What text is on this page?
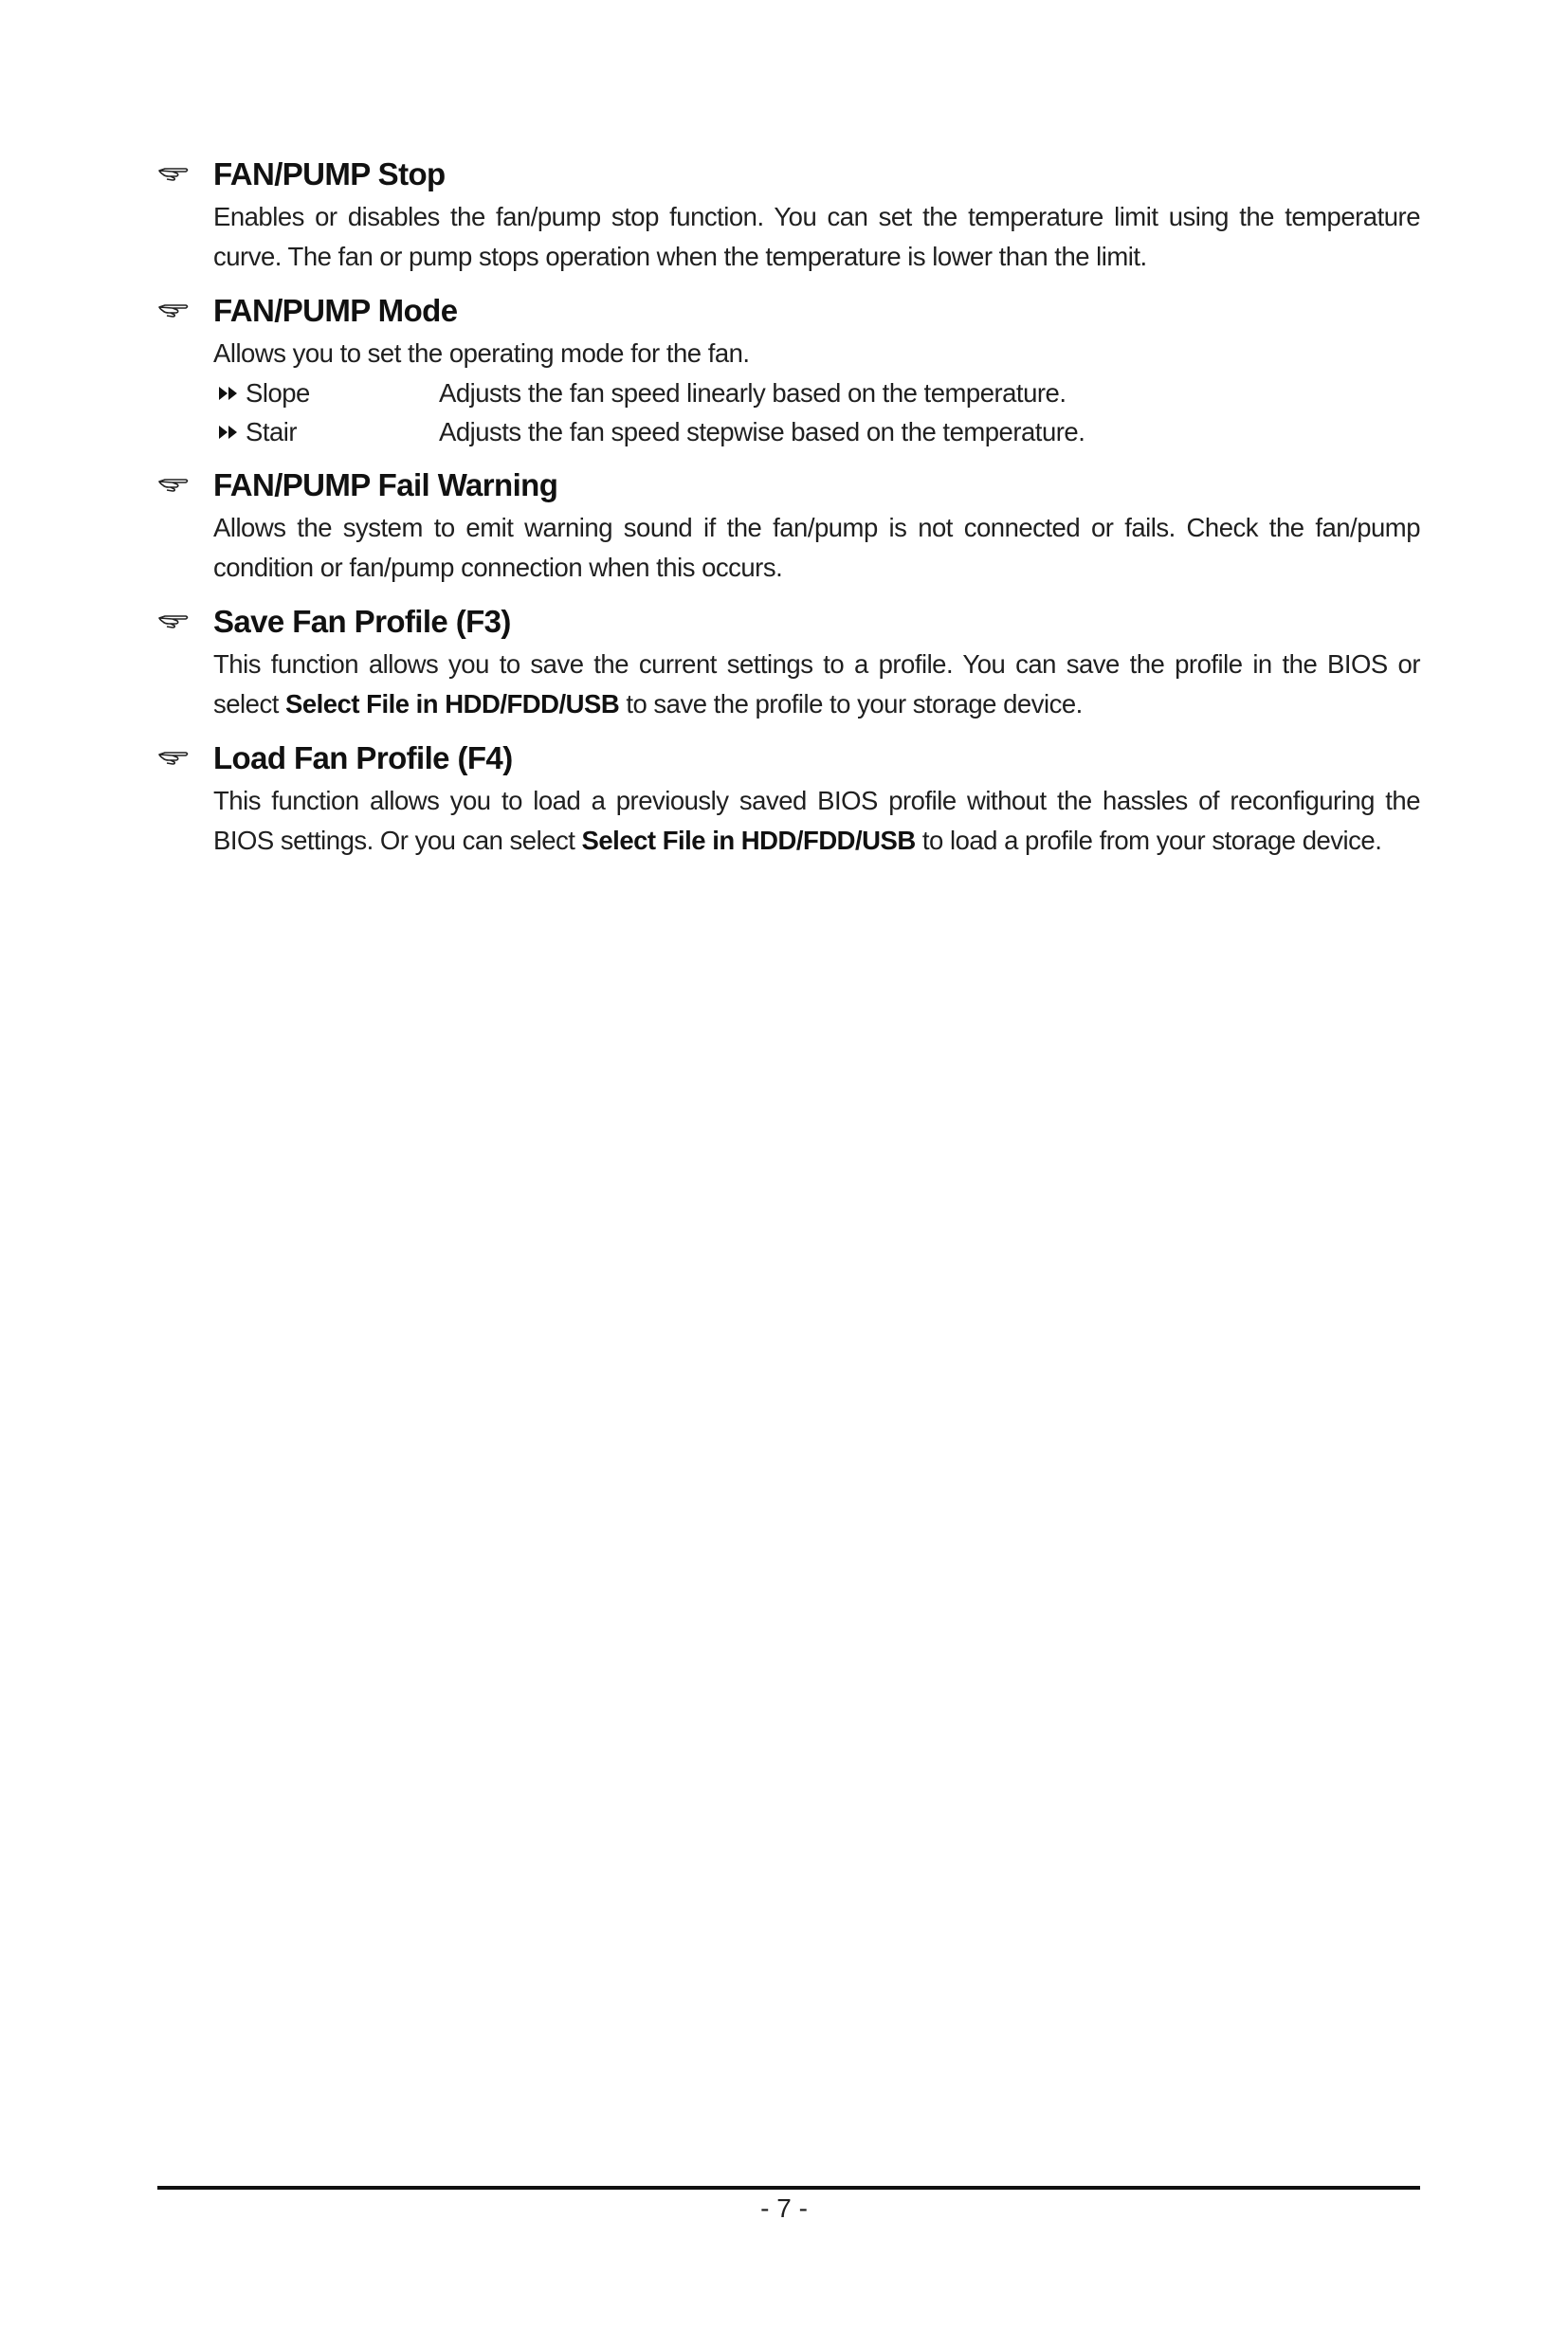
FAN/PUMP Stop
Enables or disables the fan/pump stop function. You can set the temperature limit using the temperature curve. The fan or pump stops operation when the temperature is lower than the limit.
FAN/PUMP Mode
Allows you to set the operating mode for the fan.
Slope	Adjusts the fan speed linearly based on the temperature.
Stair	Adjusts the fan speed stepwise based on the temperature.
FAN/PUMP Fail Warning
Allows the system to emit warning sound if the fan/pump is not connected or fails. Check the fan/pump condition or fan/pump connection when this occurs.
Save Fan Profile (F3)
This function allows you to save the current settings to a profile. You can save the profile in the BIOS or select Select File in HDD/FDD/USB to save the profile to your storage device.
Load Fan Profile (F4)
This function allows you to load a previously saved BIOS profile without the hassles of reconfiguring the BIOS settings. Or you can select Select File in HDD/FDD/USB to load a profile from your storage device.
- 7 -
